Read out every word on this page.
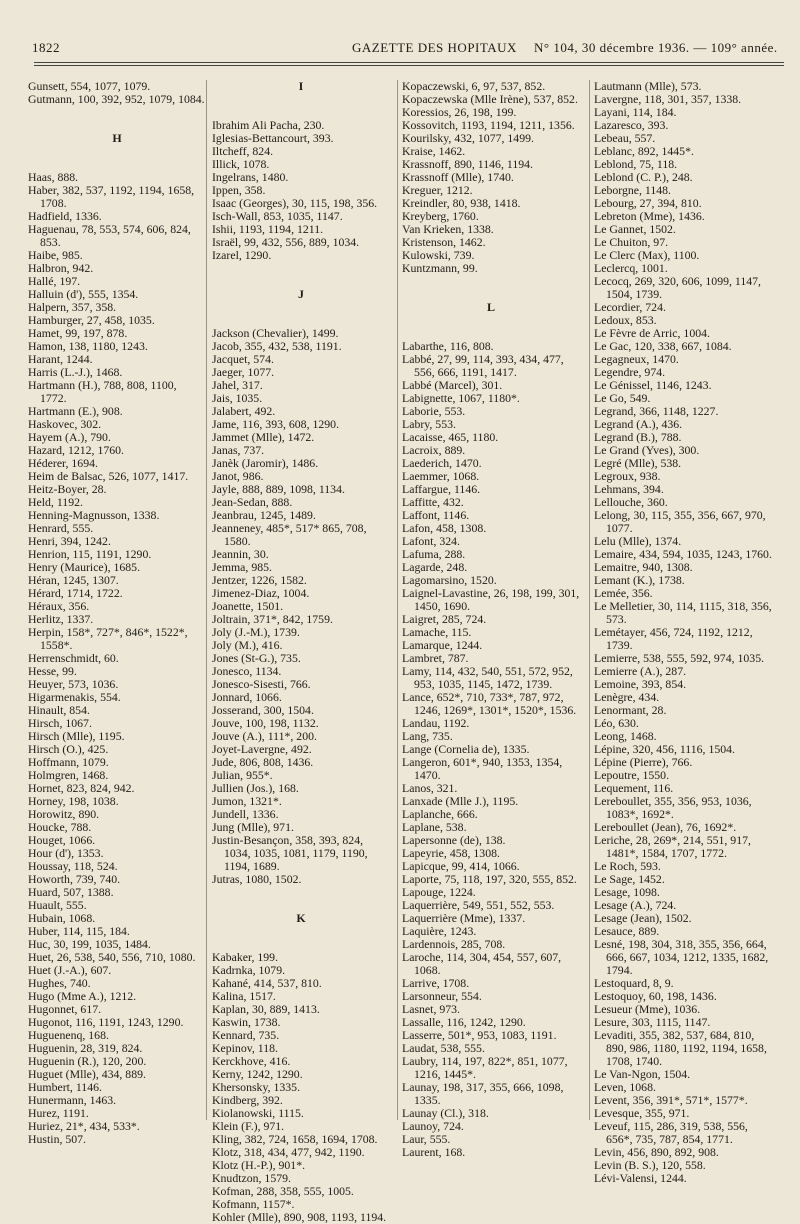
1822	GAZETTE DES HOPITAUX N° 104, 30 décembre 1936. — 109° année.

Gunsett, 554, 1077, 1079.

Gutmann, 100, 392, 952, 1079, 1084.

H

Haas, 888.

Haber, 382, 537, 1192, 1194, 1658, 1708.

Hadfield, 1336.

Haguenau, 78, 553, 574, 606, 824, 853.

Haibe, 985.

Halbron, 942.

Hallé, 197.

Halluin (d'), 555, 1354.

Halpern, 357, 358.

Hamburger, 27, 458, 1035.

Hamet, 99, 197, 878.

Hamon, 138, 1180, 1243.

Harant, 1244.

Harris (L.-J.), 1468.

Hartmann (H.), 788, 808, 1100, 1772.

Hartmann (E.), 908.

Haskovec, 302.

Hayem (A.), 790.

Hazard, 1212, 1760.

Héderer, 1694.

Heim de Balsac, 526, 1077, 1417.

Heitz-Boyer, 28.

Held, 1192.

Henning-Magnusson, 1338.

Henrard, 555.

Henri, 394, 1242.

Henrion, 115, 1191, 1290.

Henry (Maurice), 1685.

Héran, 1245, 1307.

Hérard, 1714, 1722.

Hérauх, 356.

Herlitz, 1337.

Herpin, 158*, 727*, 846*, 1522*, 1558*.

Herrenschmidt, 60.

Hesse, 99.

Heuyer, 573, 1036.

Higarmenakis, 554.

Hinault, 854.

Hirsch, 1067.

Hirsch (Mlle), 1195.

Hirsch (O.), 425.

Hoffmann, 1079.

Holmgren, 1468.

Hornet, 823, 824, 942.

Horney, 198, 1038.

Horowitz, 890.

Houcke, 788.

Houget, 1066.

Hour (d'), 1353.

Houssay, 118, 524.

Howorth, 739, 740.

Huard, 507, 1388.

Huault, 555.

Hubain, 1068.

Huber, 114, 115, 184.

Huc, 30, 199, 1035, 1484.

Huet, 26, 538, 540, 556, 710, 1080.

Huet (J.-A.), 607.

Hughes, 740.

Hugo (Mme A.), 1212.

Hugonnet, 617.

Hugonot, 116, 1191, 1243, 1290.

Huguenenq, 168.

Huguenin, 28, 319, 824.

Huguenin (R.), 120, 200.

Huguet (Mlle), 434, 889.

Humbert, 1146.

Hunermann, 1463.

Hurez, 1191.

Huriez, 21*, 434, 533*.

Hustin, 507.

I

Ibrahim Ali Pacha, 230.

Iglesias-Bettancourt, 393.

Iltcheff, 824.

Illick, 1078.

Ingelrans, 1480.

Ippen, 358.

Isaac (Georges), 30, 115, 198, 356.

Isch-Wall, 853, 1035, 1147.

Ishii, 1193, 1194, 1211.

Israël, 99, 432, 556, 889, 1034.

Izarel, 1290.

J

Jackson (Chevalier), 1499.

Jacob, 355, 432, 538, 1191.

Jacquet, 574.

Jaeger, 1077.

Jahel, 317.

Jais, 1035.

Jalabert, 492.

Jame, 116, 393, 608, 1290.

Jammet (Mlle), 1472.

Janas, 737.

Janèk (Jaromir), 1486.

Janot, 986.

Jayle, 888, 889, 1098, 1134.

Jean-Sedan, 888.

Jeanbrau, 1245, 1489.

Jeanneney, 485*, 517* 865, 708, 1580.

Jeannin, 30.

Jemma, 985.

Jentzer, 1226, 1582.

Jimenez-Diaz, 1004.

Joanette, 1501.

Joltrain, 371*, 842, 1759.

Joly (J.-M.), 1739.

Joly (M.), 416.

Jones (St-G.), 735.

Jonesco, 1134.

Jonesco-Sisesti, 766.

Jonnard, 1066.

Josserand, 300, 1504.

Jouve, 100, 198, 1132.

Jouve (A.), 111*, 200.

Joyet-Lavergne, 492.

Jude, 806, 808, 1436.

Julian, 955*.

Jullien (Jos.), 168.

Jumon, 1321*.

Jundell, 1336.

Jung (Mlle), 971.

Justin-Besançon, 358, 393, 824, 1034, 1035, 1081, 1179, 1190, 1194, 1689.

Jutras, 1080, 1502.

K

Kabaker, 199.

Kadrnka, 1079.

Kahané, 414, 537, 810.

Kalina, 1517.

Kaplan, 30, 889, 1413.

Kaswin, 1738.

Kennard, 735.

Kepinov, 118.

Kerckhove, 416.

Kerny, 1242, 1290.

Khersonsky, 1335.

Kindberg, 392.

Kiolanowski, 1115.

Klein (F.), 971.

Kling, 382, 724, 1658, 1694, 1708.

Klotz, 318, 434, 477, 942, 1190.

Klotz (H.-P.), 901*.

Knudtzon, 1579.

Kofman, 288, 358, 555, 1005.

Kofmann, 1157*.

Kohler (Mlle), 890, 908, 1193, 1194.

Kopaczewski, 6, 97, 537, 852.

Kopaczewska (Mlle Irène), 537, 852.

Koressios, 26, 198, 199.

Kossovitch, 1193, 1194, 1211, 1356.

Kourilsky, 432, 1077, 1499.

Kraise, 1462.

Krassnoff, 890, 1146, 1194.

Krassnoff (Mlle), 1740.

Kreguer, 1212.

Kreindler, 80, 938, 1418.

Kreyberg, 1760.

Van Krieken, 1338.

Kristenson, 1462.

Kulowski, 739.

Kuntzmann, 99.

L

Labarthe, 116, 808.

Labbé, 27, 99, 114, 393, 434, 477, 556, 666, 1191, 1417.

Labbé (Marcel), 301.

Labignette, 1067, 1180*.

Laborie, 553.

Labry, 553.

Lacaisse, 465, 1180.

Lacroix, 889.

Laederich, 1470.

Laemmer, 1068.

Laffargue, 1146.

Laffitte, 432.

Laffont, 1146.

Lafon, 458, 1308.

Lafont, 324.

Lafuma, 288.

Lagarde, 248.

Lagomarsino, 1520.

Laignel-Lavastine, 26, 198, 199, 301, 1450, 1690.

Laigret, 285, 724.

Lamache, 115.

Lamarque, 1244.

Lambret, 787.

Lamy, 114, 432, 540, 551, 572, 952, 953, 1035, 1145, 1472, 1739.

Lance, 652*, 710, 733*, 787, 972, 1246, 1269*, 1301*, 1520*, 1536.

Landau, 1192.

Lang, 735.

Lange (Cornelia de), 1335.

Langeron, 601*, 940, 1353, 1354, 1470.

Lanos, 321.

Lanxade (Mlle J.), 1195.

Laplanche, 666.

Laplane, 538.

Lapersonne (de), 138.

Lapeyrie, 458, 1308.

Lapicque, 99, 414, 1066.

Laporte, 75, 118, 197, 320, 555, 852.

Lapouge, 1224.

Laquerrière, 549, 551, 552, 553.

Laquerrière (Mme), 1337.

Laquière, 1243.

Lardennois, 285, 708.

Laroche, 114, 304, 454, 557, 607, 1068.

Larrive, 1708.

Larsonneur, 554.

Lasnet, 973.

Lassalle, 116, 1242, 1290.

Lasserre, 501*, 953, 1083, 1191.

Laudat, 538, 555.

Laubry, 114, 197, 822*, 851, 1077, 1216, 1445*.

Launay, 198, 317, 355, 666, 1098, 1335.

Launay (Cl.), 318.

Launoy, 724.

Laur, 555.

Laurent, 168.

Lautmann (Mlle), 573.

Lavergne, 118, 301, 357, 1338.

Layani, 114, 184.

Lazaresco, 393.

Lebeau, 557.

Leblanc, 892, 1445*.

Leblond, 75, 118.

Leblond (C. P.), 248.

Leborgne, 1148.

Lebourg, 27, 394, 810.

Lebreton (Mme), 1436.

Le Gannet, 1502.

Le Chuiton, 97.

Le Clerc (Max), 1100.

Leclercq, 1001.

Lecocq, 269, 320, 606, 1099, 1147, 1504, 1739.

Lecordier, 724.

Ledoux, 853.

Le Fèvre de Arric, 1004.

Le Gac, 120, 338, 667, 1084.

Legagneux, 1470.

Legendre, 974.

Le Génissel, 1146, 1243.

Le Go, 549.

Legrand, 366, 1148, 1227.

Legrand (A.), 436.

Legrand (B.), 788.

Le Grand (Yves), 300.

Legré (Mlle), 538.

Legroux, 938.

Lehmans, 394.

Lellouche, 360.

Lelong, 30, 115, 355, 356, 667, 970, 1077.

Lelu (Mlle), 1374.

Lemaire, 434, 594, 1035, 1243, 1760.

Lemaitre, 940, 1308.

Lemant (K.), 1738.

Lemée, 356.

Le Melletier, 30, 114, 1115, 318, 356, 573.

Lemétayer, 456, 724, 1192, 1212, 1739.

Lemierre, 538, 555, 592, 974, 1035.

Lemierre (A.), 287.

Lemoine, 393, 854.

Lenègre, 434.

Lenormant, 28.

Léo, 630.

Leong, 1468.

Lépine, 320, 456, 1116, 1504.

Lépine (Pierre), 766.

Lepoutre, 1550.

Lequement, 116.

Lereboullet, 355, 356, 953, 1036, 1083*, 1692*.

Lereboullet (Jean), 76, 1692*.

Leriche, 28, 269*, 214, 551, 917, 1481*, 1584, 1707, 1772.

Le Roch, 593.

Le Sage, 1452.

Lesage, 1098.

Lesage (A.), 724.

Lesage (Jean), 1502.

Lesauce, 889.

Lesné, 198, 304, 318, 355, 356, 664, 666, 667, 1034, 1212, 1335, 1682, 1794.

Lestoquard, 8, 9.

Lestoquoy, 60, 198, 1436.

Lesueur (Mme), 1036.

Lesure, 303, 1115, 1147.

Levaditi, 355, 382, 537, 684, 810, 890, 986, 1180, 1192, 1194, 1658, 1708, 1740.

Le Van-Ngon, 1504.

Leven, 1068.

Levent, 356, 391*, 571*, 1577*.

Levesque, 355, 971.

Leveuf, 115, 286, 319, 538, 556, 656*, 735, 787, 854, 1771.

Levin, 456, 890, 892, 908.

Levin (B. S.), 120, 558.

Lévi-Valensi, 1244.
